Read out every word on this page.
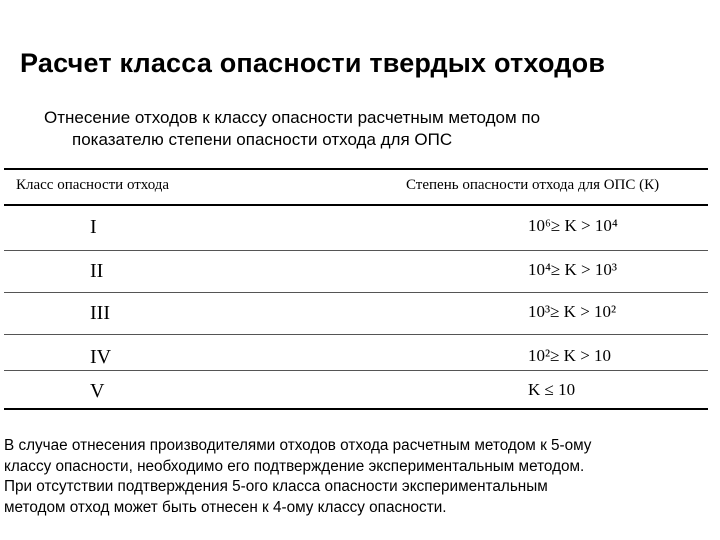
Расчет класса опасности твердых отходов
Отнесение отходов к классу опасности расчетным методом по
показателю степени опасности отхода для ОПС
Класс опасности отхода	Степень опасности отхода для ОПС (К)
I	10⁶≥ K > 10⁴
II	10⁴≥ K > 10³
III	10³≥ K > 10²
IV	10²≥ K > 10
V	K ≤ 10
В случае отнесения производителями отходов отхода расчетным методом к 5-ому
классу опасности, необходимо его подтверждение экспериментальным методом.
При отсутствии подтверждения 5-ого класса опасности экспериментальным
методом отход может быть отнесен к 4-ому классу опасности.
